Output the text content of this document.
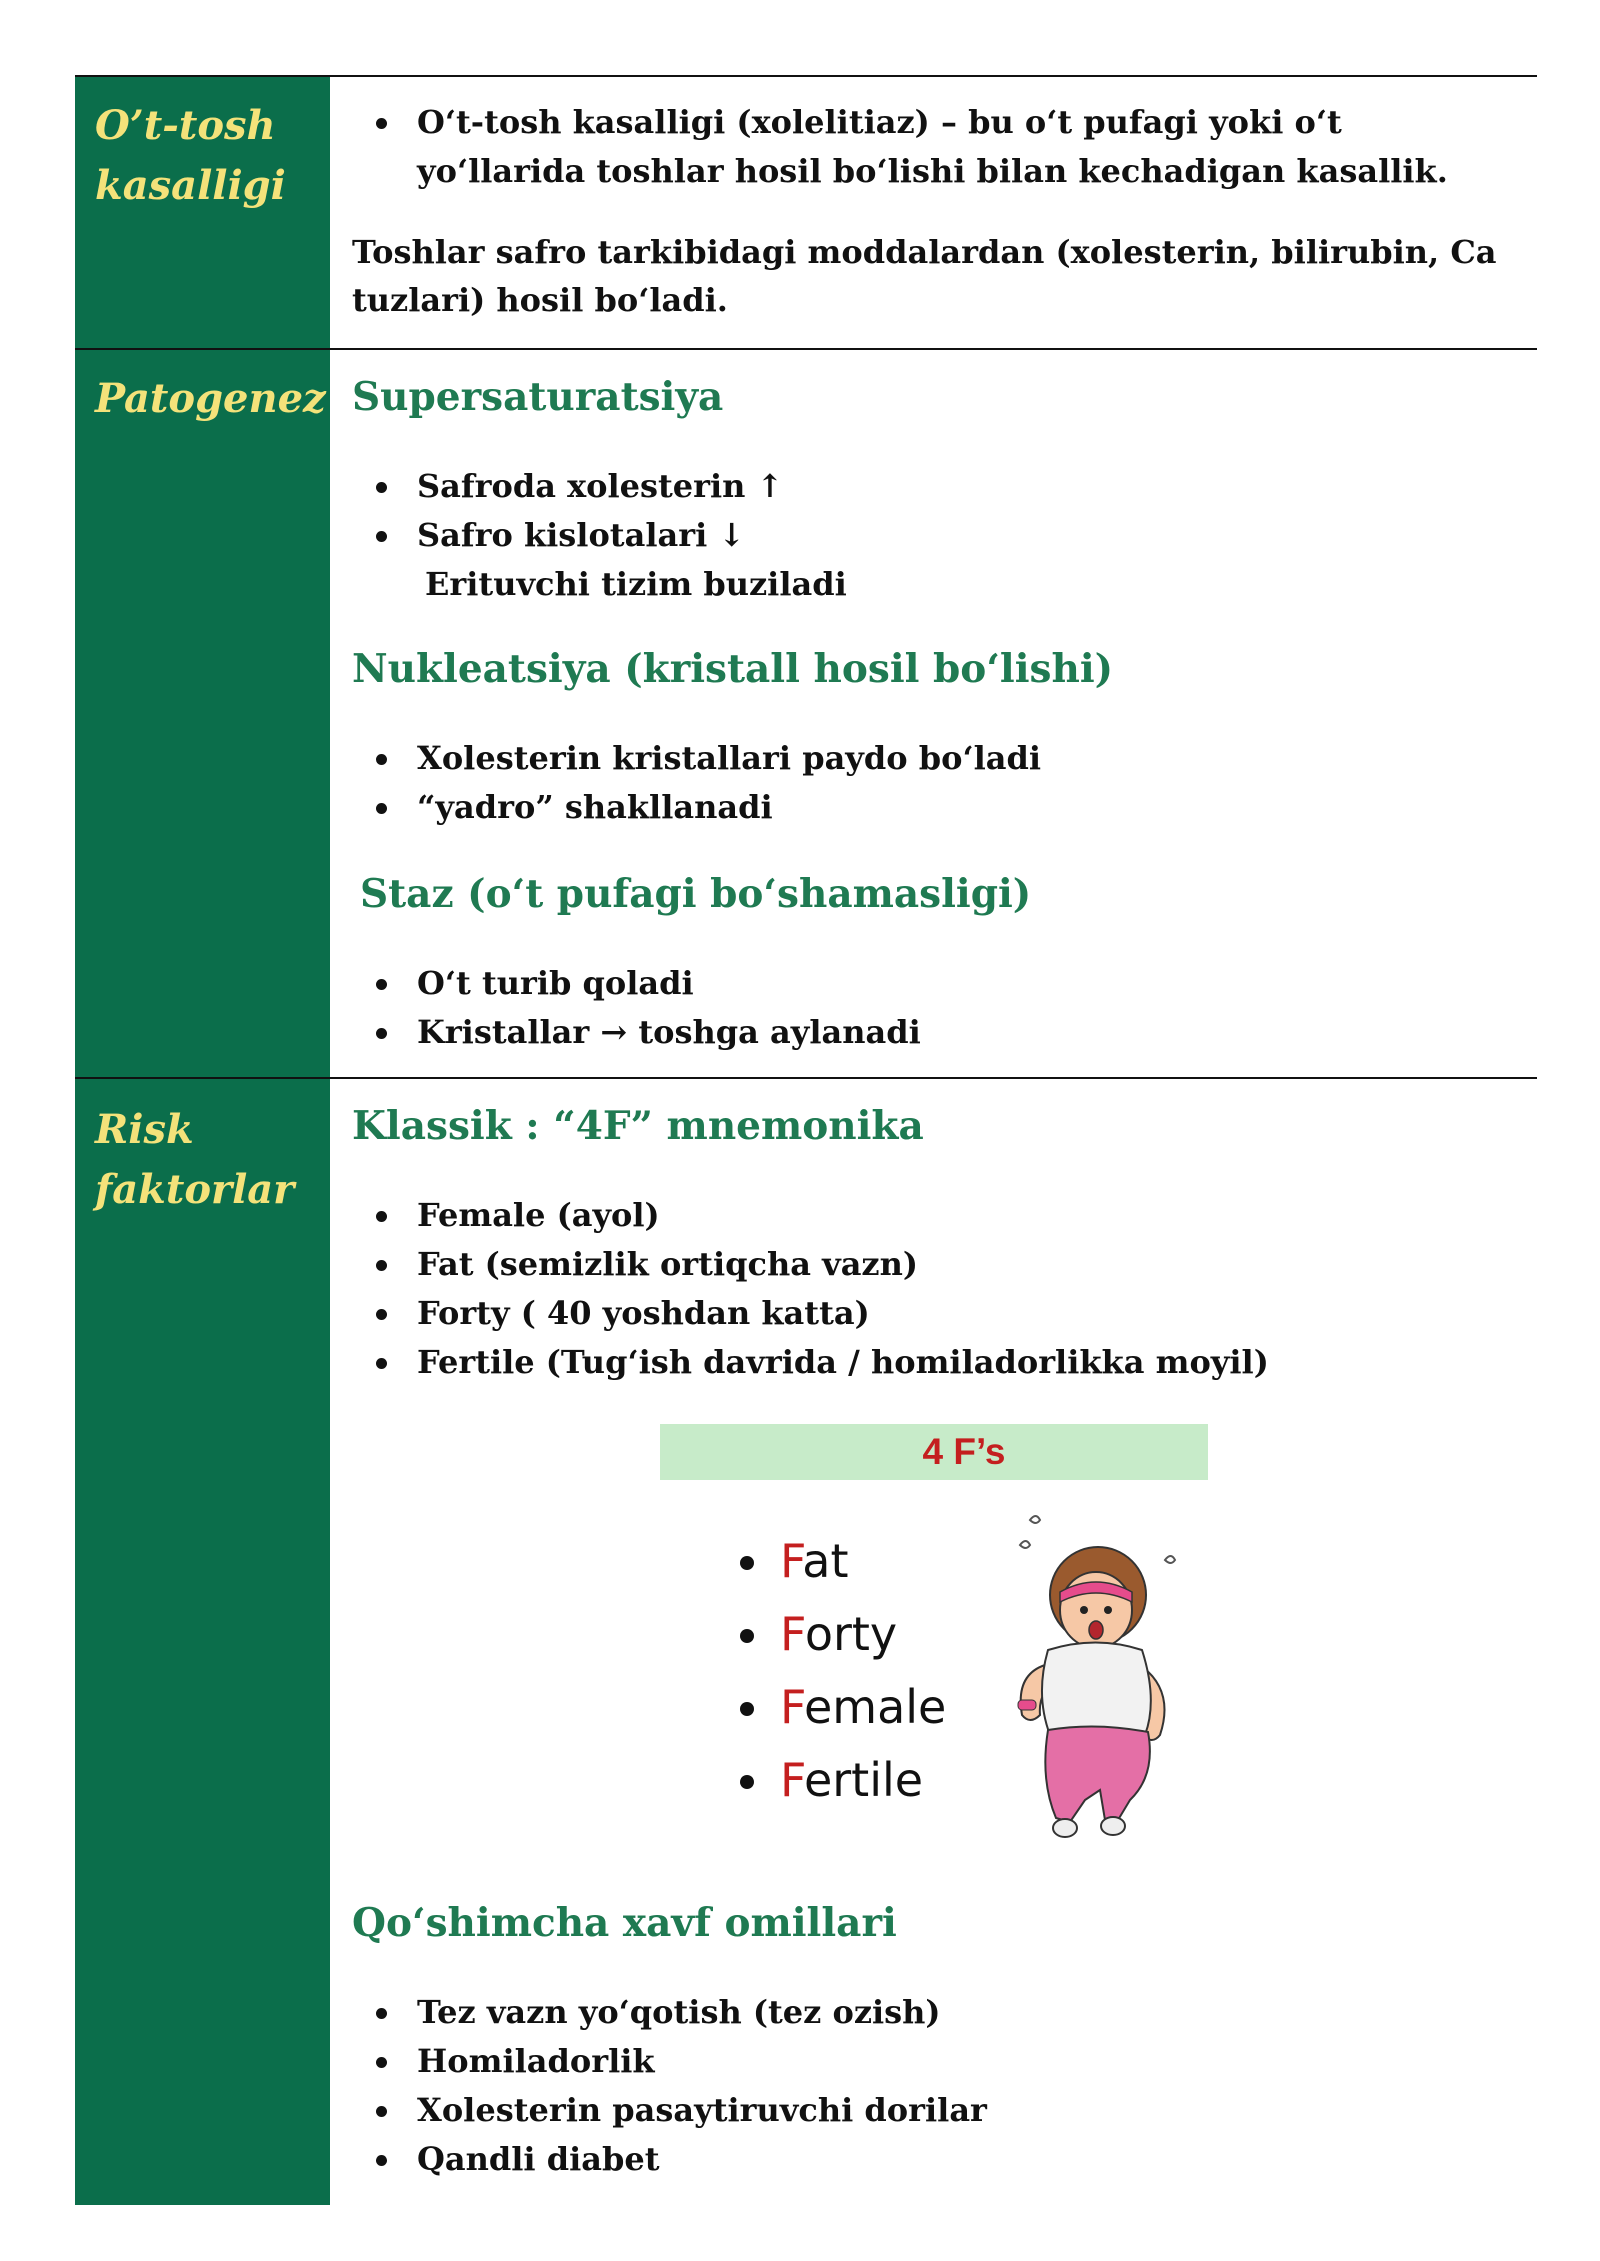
O’t-tosh kasalligi
O‘t-tosh kasalligi (xolelitiaz) – bu o‘t pufagi yoki o‘t yo‘llarida toshlar hosil bo‘lishi bilan kechadigan kasallik.
Toshlar safro tarkibidagi moddalardan (xolesterin, bilirubin, Ca tuzlari) hosil bo‘ladi.
Patogenez Supersaturatsiya
Safroda xolesterin ↑
Safro kislotalari ↓
Erituvchi tizim buziladi
Nukleatsiya (kristall hosil bo‘lishi)
Xolesterin kristallari paydo bo‘ladi
“yadro” shakllanadi
Staz (o‘t pufagi bo‘shamasligi)
O‘t turib qoladi
Kristallar → toshga aylanadi
Risk faktorlar
Klassik : “4F” mnemonika
Female (ayol)
Fat (semizlik ortiqcha vazn)
Forty ( 40 yoshdan katta)
Fertile (Tug‘ish davrida / homiladorlikka moyil)
4 F’s
Fat
Forty
Female
Fertile
Qo‘shimcha xavf omillari
Tez vazn yo‘qotish (tez ozish)
Homiladorlik
Xolesterin pasaytiruvchi dorilar
Qandli diabet
